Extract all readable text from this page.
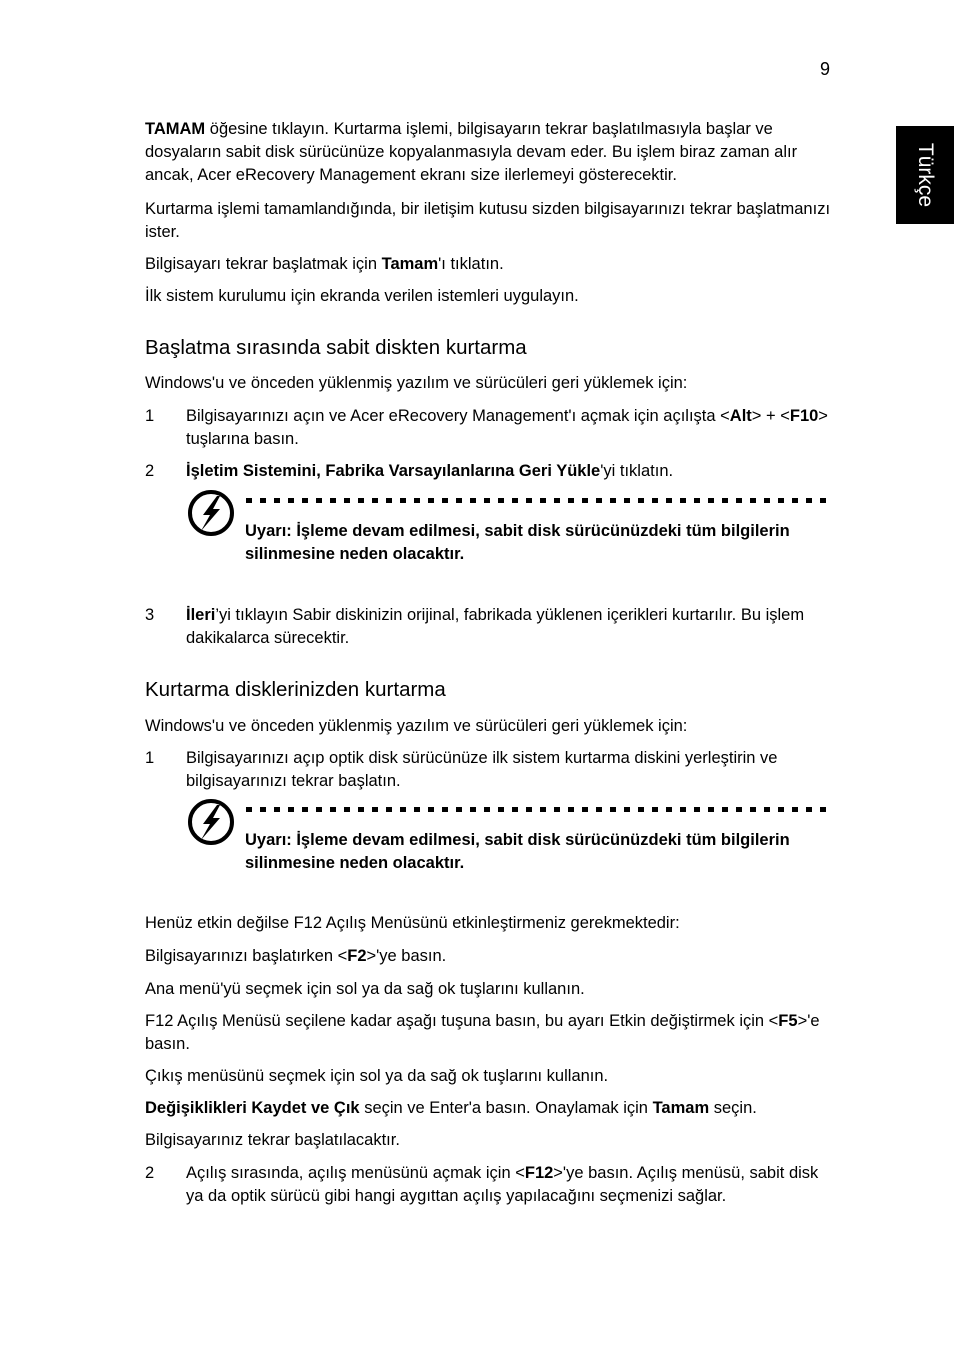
9
Türkçe

TAMAM öğesine tıklayın. Kurtarma işlemi, bilgisayarın tekrar başlatılmasıyla başlar ve dosyaların sabit disk sürücünüze kopyalanmasıyla devam eder. Bu işlem biraz zaman alır ancak, Acer eRecovery Management ekranı size ilerlemeyi gösterecektir.

Kurtarma işlemi tamamlandığında, bir iletişim kutusu sizden bilgisayarınızı tekrar başlatmanızı ister.

Bilgisayarı tekrar başlatmak için Tamam'ı tıklatın.

İlk sistem kurulumu için ekranda verilen istemleri uygulayın.

Başlatma sırasında sabit diskten kurtarma

Windows'u ve önceden yüklenmiş yazılım ve sürücüleri geri yüklemek için:

1 Bilgisayarınızı açın ve Acer eRecovery Management'ı açmak için açılışta <Alt> + <F10> tuşlarına basın.
2 İşletim Sistemini, Fabrika Varsayılanlarına Geri Yükle'yi tıklatın.
Uyarı: İşleme devam edilmesi, sabit disk sürücünüzdeki tüm bilgilerin silinmesine neden olacaktır.
3 İleri’yi tıklayın Sabir diskinizin orijinal, fabrikada yüklenen içerikleri kurtarılır. Bu işlem dakikalarca sürecektir.
Kurtarma disklerinizden kurtarma

Windows'u ve önceden yüklenmiş yazılım ve sürücüleri geri yüklemek için:

1 Bilgisayarınızı açıp optik disk sürücünüze ilk sistem kurtarma diskini yerleştirin ve bilgisayarınızı tekrar başlatın.
Uyarı: İşleme devam edilmesi, sabit disk sürücünüzdeki tüm bilgilerin silinmesine neden olacaktır.

Henüz etkin değilse F12 Açılış Menüsünü etkinleştirmeniz gerekmektedir:

Bilgisayarınızı başlatırken <F2>'ye basın.

Ana menü'yü seçmek için sol ya da sağ ok tuşlarını kullanın.

F12 Açılış Menüsü seçilene kadar aşağı tuşuna basın, bu ayarı Etkin değiştirmek için <F5>'e basın.

Çıkış menüsünü seçmek için sol ya da sağ ok tuşlarını kullanın.

Değişiklikleri Kaydet ve Çık seçin ve Enter'a basın. Onaylamak için Tamam seçin.

Bilgisayarınız tekrar başlatılacaktır.

2 Açılış sırasında, açılış menüsünü açmak için <F12>'ye basın. Açılış menüsü, sabit disk ya da optik sürücü gibi hangi aygıttan açılış yapılacağını seçmenizi sağlar.
